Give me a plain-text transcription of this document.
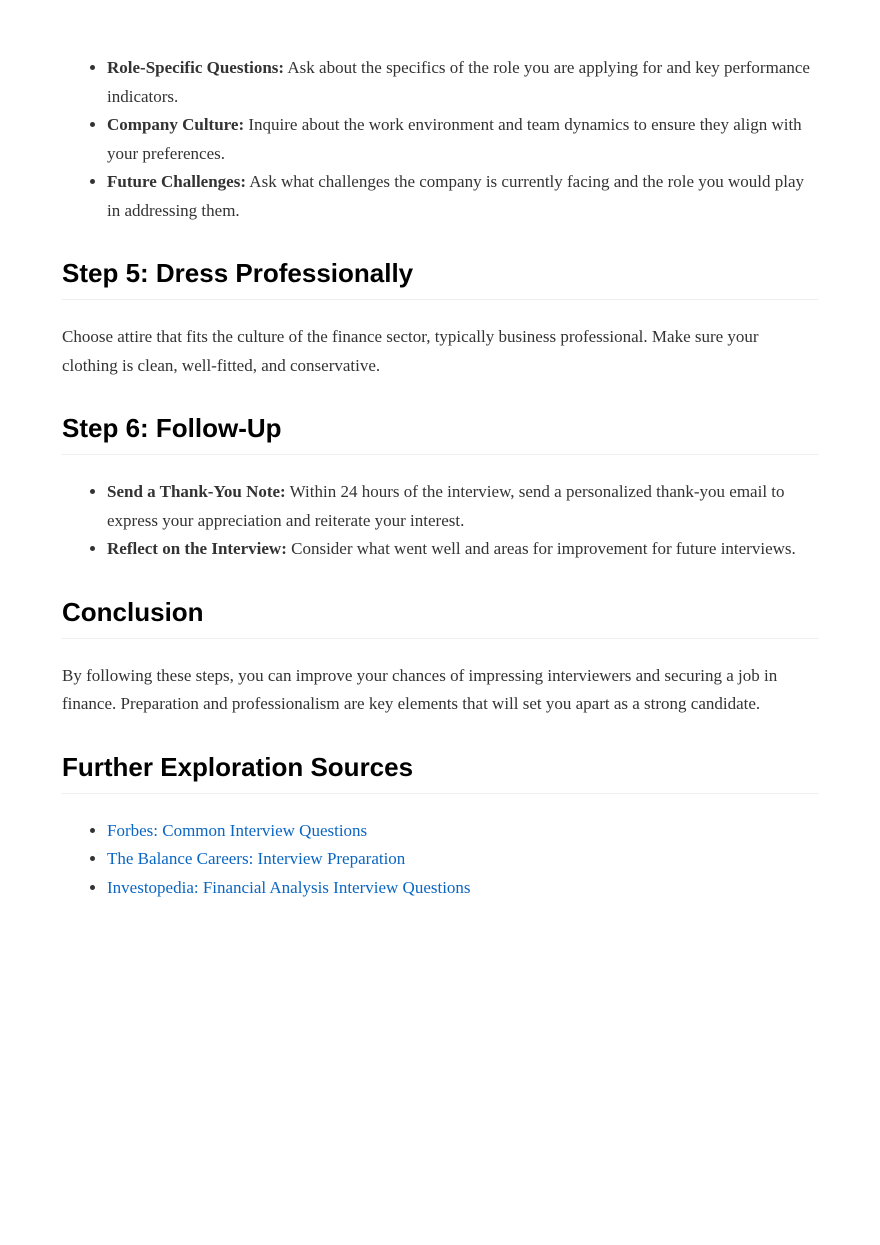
• Role-Specific Questions: Ask about the specifics of the role you are applying for and key performance indicators.
• Company Culture: Inquire about the work environment and team dynamics to ensure they align with your preferences.
• Future Challenges: Ask what challenges the company is currently facing and the role you would play in addressing them.
Step 5: Dress Professionally

Choose attire that fits the culture of the finance sector, typically business professional. Make sure your clothing is clean, well-fitted, and conservative.

Step 6: Follow-Up
• Send a Thank-You Note: Within 24 hours of the interview, send a personalized thank-you email to express your appreciation and reiterate your interest.
• Reflect on the Interview: Consider what went well and areas for improvement for future interviews.
Conclusion

By following these steps, you can improve your chances of impressing interviewers and securing a job in finance. Preparation and professionalism are key elements that will set you apart as a strong candidate.

Further Exploration Sources
• Forbes: Common Interview Questions
• The Balance Careers: Interview Preparation
• Investopedia: Financial Analysis Interview Questions
